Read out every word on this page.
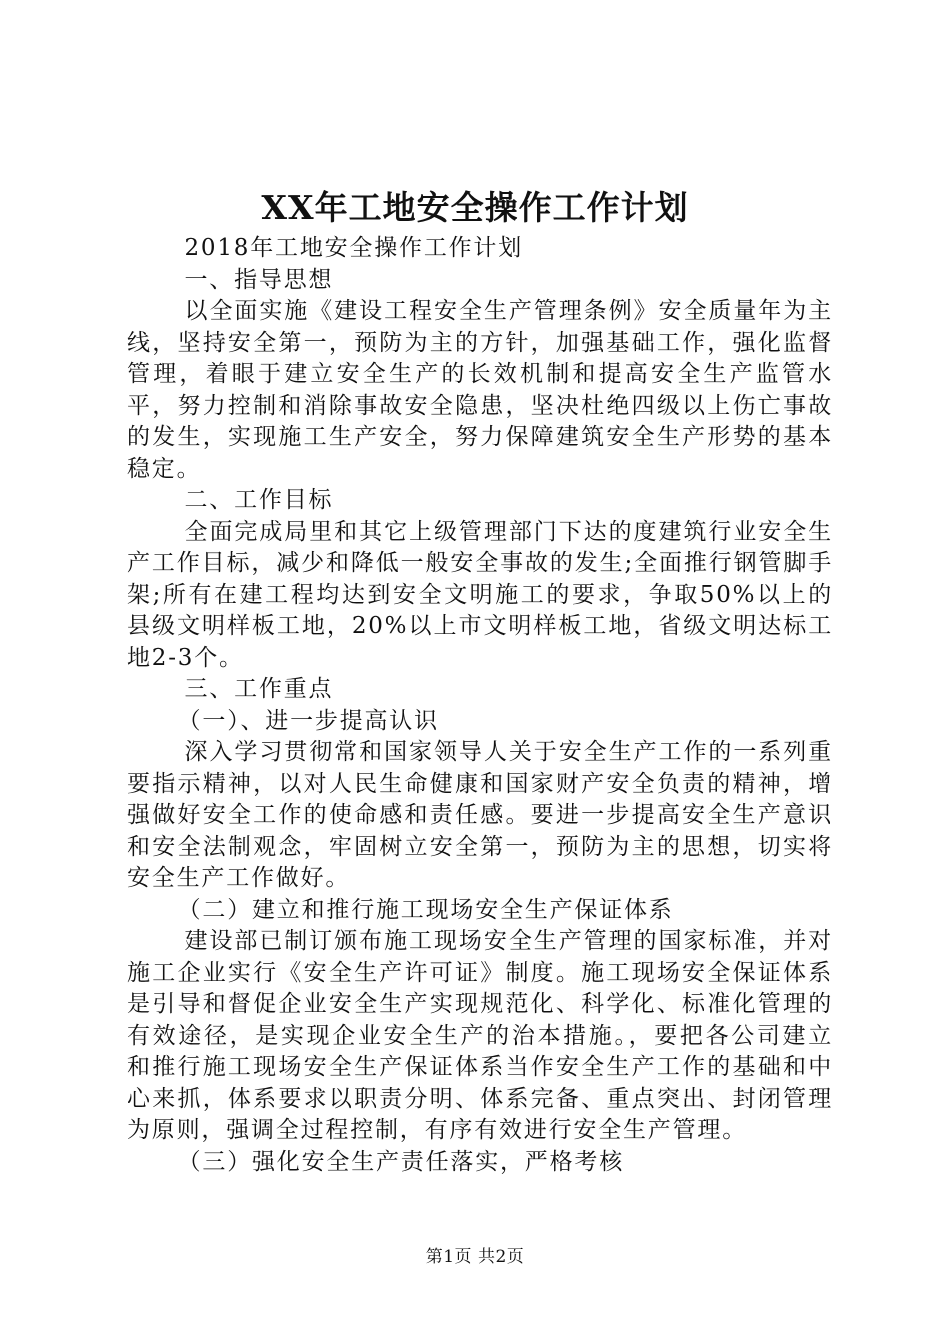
XX年工地安全操作工作计划

2018年工地安全操作工作计划

一、指导思想

以全面实施《建设工程安全生产管理条例》安全质量年为主线，坚持安全第一，预防为主的方针，加强基础工作，强化监督管理，着眼于建立安全生产的长效机制和提高安全生产监管水平，努力控制和消除事故安全隐患，坚决杜绝四级以上伤亡事故的发生，实现施工生产安全，努力保障建筑安全生产形势的基本稳定。

二、工作目标

全面完成局里和其它上级管理部门下达的度建筑行业安全生产工作目标，减少和降低一般安全事故的发生;全面推行钢管脚手架;所有在建工程均达到安全文明施工的要求，争取50%以上的县级文明样板工地，20%以上市文明样板工地，省级文明达标工地2-3个。

三、工作重点

（一）、进一步提高认识

深入学习贯彻常和国家领导人关于安全生产工作的一系列重要指示精神，以对人民生命健康和国家财产安全负责的精神，增强做好安全工作的使命感和责任感。要进一步提高安全生产意识和安全法制观念，牢固树立安全第一，预防为主的思想，切实将安全生产工作做好。

（二）建立和推行施工现场安全生产保证体系

建设部已制订颁布施工现场安全生产管理的国家标准，并对施工企业实行《安全生产许可证》制度。施工现场安全保证体系是引导和督促企业安全生产实现规范化、科学化、标准化管理的有效途径，是实现企业安全生产的治本措施。，要把各公司建立和推行施工现场安全生产保证体系当作安全生产工作的基础和中心来抓，体系要求以职责分明、体系完备、重点突出、封闭管理为原则，强调全过程控制，有序有效进行安全生产管理。

（三）强化安全生产责任落实，严格考核

第1页 共2页
